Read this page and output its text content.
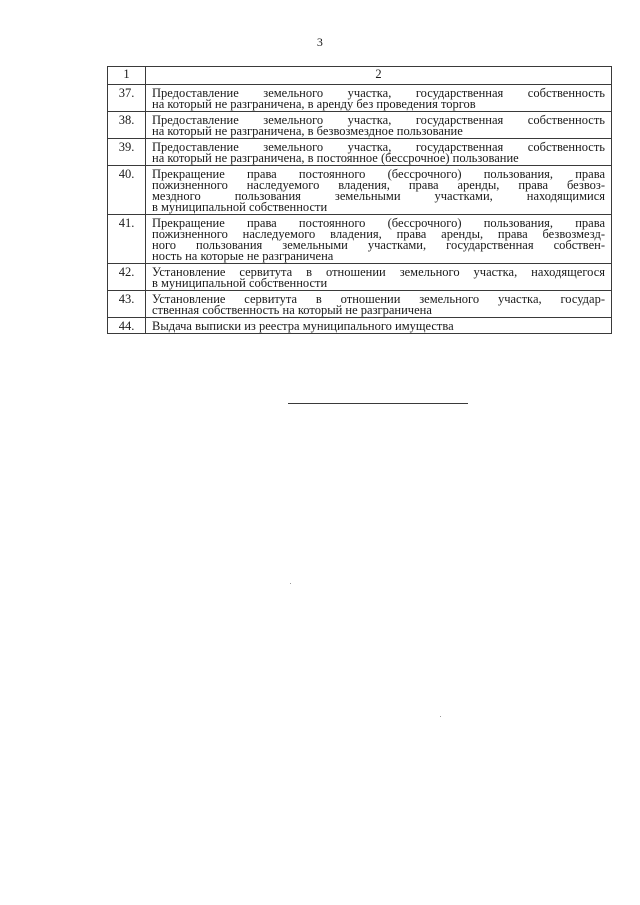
3
1	2
37.	Предоставление земельного участка, государственная собственность
на который не разграничена, в аренду без проведения торгов

38.	Предоставление земельного участка, государственная собственность
на который не разграничена, в безвозмездное пользование

39.	Предоставление земельного участка, государственная собственность
на который не разграничена, в постоянное (бессрочное) пользование

40.	Прекращение права постоянного (бессрочного) пользования, права
пожизненного наследуемого владения, права аренды, права безвоз-
мездного пользования земельными участками, находящимися
в муниципальной собственности

41.	Прекращение права постоянного (бессрочного) пользования, права
пожизненного наследуемого владения, права аренды, права безвозмезд-
ного пользования земельными участками, государственная собствен-
ность на которые не разграничена

42.	Установление сервитута в отношении земельного участка, находящегося
в муниципальной собственности

43.	Установление сервитута в отношении земельного участка, государ-
ственная собственность на который не разграничена

44.	Выдача выписки из реестра муниципального имущества
